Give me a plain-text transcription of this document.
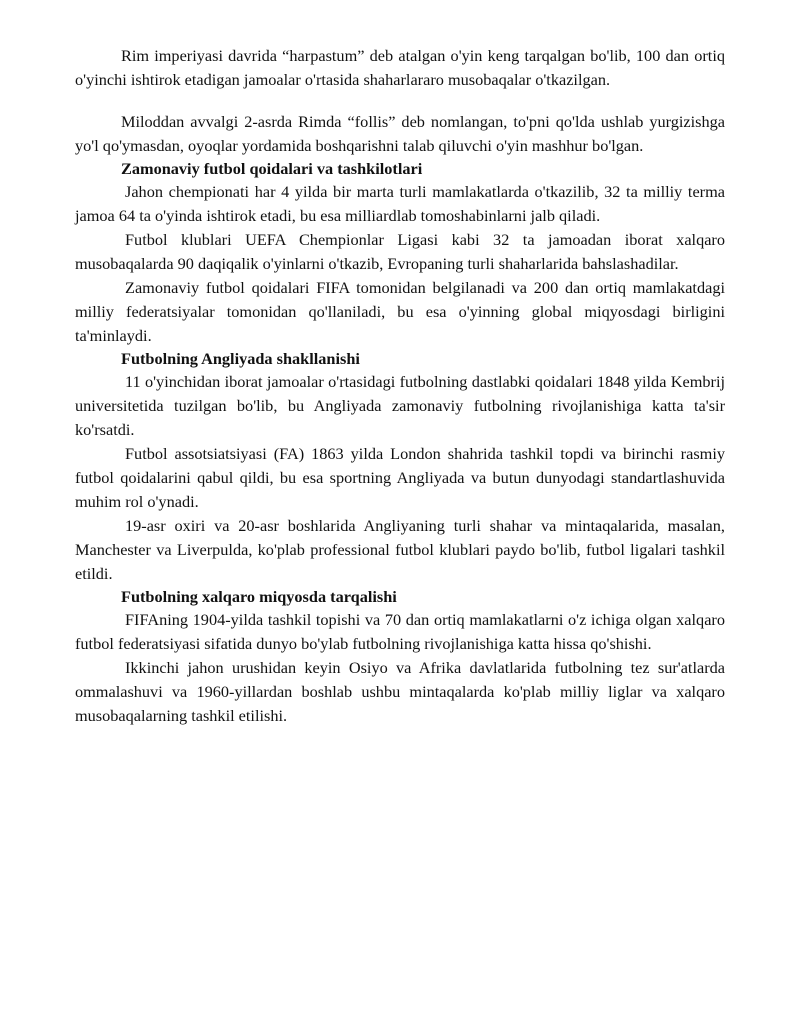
Rim imperiyasi davrida “harpastum” deb atalgan o'yin keng tarqalgan bo'lib, 100 dan ortiq o'yinchi ishtirok etadigan jamoalar o'rtasida shaharlararo musobaqalar o'tkazilgan.

Miloddan avvalgi 2-asrda Rimda “follis” deb nomlangan, to'pni qo'lda ushlab yurgizishga yo'l qo'ymasdan, oyoqlar yordamida boshqarishni talab qiluvchi o'yin mashhur bo'lgan.

Zamonaviy futbol qoidalari va tashkilotlari

Jahon chempionati har 4 yilda bir marta turli mamlakatlarda o'tkazilib, 32 ta milliy terma jamoa 64 ta o'yinda ishtirok etadi, bu esa milliardlab tomoshabinlarni jalb qiladi.

Futbol klublari UEFA Chempionlar Ligasi kabi 32 ta jamoadan iborat xalqaro musobaqalarda 90 daqiqalik o'yinlarni o'tkazib, Evropaning turli shaharlarida bahslashadilar.

Zamonaviy futbol qoidalari FIFA tomonidan belgilanadi va 200 dan ortiq mamlakatdagi milliy federatsiyalar tomonidan qo'llaniladi, bu esa o'yinning global miqyosdagi birligini ta'minlaydi.

Futbolning Angliyada shakllanishi

11 o'yinchidan iborat jamoalar o'rtasidagi futbolning dastlabki qoidalari 1848 yilda Kembrij universitetida tuzilgan bo'lib, bu Angliyada zamonaviy futbolning rivojlanishiga katta ta'sir ko'rsatdi.

Futbol assotsiatsiyasi (FA) 1863 yilda London shahrida tashkil topdi va birinchi rasmiy futbol qoidalarini qabul qildi, bu esa sportning Angliyada va butun dunyodagi standartlashuvida muhim rol o'ynadi.

19-asr oxiri va 20-asr boshlarida Angliyaning turli shahar va mintaqalarida, masalan, Manchester va Liverpulda, ko'plab professional futbol klublari paydo bo'lib, futbol ligalari tashkil etildi.

Futbolning xalqaro miqyosda tarqalishi

FIFAning 1904-yilda tashkil topishi va 70 dan ortiq mamlakatlarni o'z ichiga olgan xalqaro futbol federatsiyasi sifatida dunyo bo'ylab futbolning rivojlanishiga katta hissa qo'shishi.

Ikkinchi jahon urushidan keyin Osiyo va Afrika davlatlarida futbolning tez sur'atlarda ommalashuvi va 1960-yillardan boshlab ushbu mintaqalarda ko'plab milliy liglar va xalqaro musobaqalarning tashkil etilishi.
